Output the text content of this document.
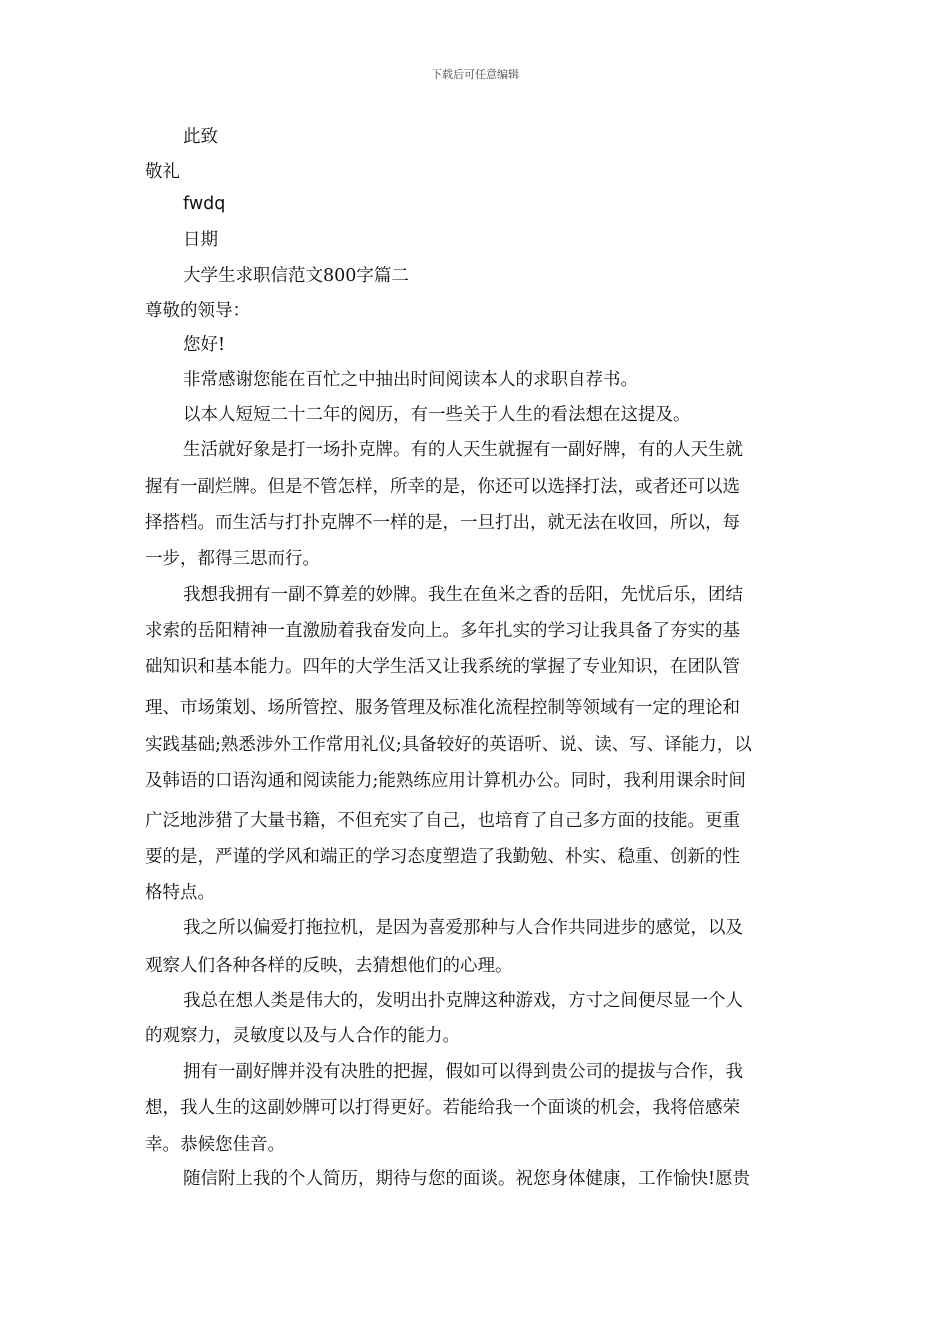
下载后可任意编辑
此致
敬礼
fwdq
日期
大学生求职信范文800字篇二
尊敬的领导：
您好!
非常感谢您能在百忙之中抽出时间阅读本人的求职自荐书。
以本人短短二十二年的阅历，有一些关于人生的看法想在这提及。
生活就好象是打一场扑克牌。有的人天生就握有一副好牌，有的人天生就
握有一副烂牌。但是不管怎样，所幸的是，你还可以选择打法，或者还可以选
择搭档。而生活与打扑克牌不一样的是，一旦打出，就无法在收回，所以，每
一步，都得三思而行。
我想我拥有一副不算差的妙牌。我生在鱼米之香的岳阳，先忧后乐，团结
求索的岳阳精神一直激励着我奋发向上。多年扎实的学习让我具备了夯实的基
础知识和基本能力。四年的大学生活又让我系统的掌握了专业知识，在团队管
理、市场策划、场所管控、服务管理及标准化流程控制等领域有一定的理论和
实践基础;熟悉涉外工作常用礼仪;具备较好的英语听、说、读、写、译能力，以
及韩语的口语沟通和阅读能力;能熟练应用计算机办公。同时，我利用课余时间
广泛地涉猎了大量书籍，不但充实了自己，也培育了自己多方面的技能。更重
要的是，严谨的学风和端正的学习态度塑造了我勤勉、朴实、稳重、创新的性
格特点。
我之所以偏爱打拖拉机，是因为喜爱那种与人合作共同进步的感觉，以及
观察人们各种各样的反映，去猜想他们的心理。
我总在想人类是伟大的，发明出扑克牌这种游戏，方寸之间便尽显一个人
的观察力，灵敏度以及与人合作的能力。
拥有一副好牌并没有决胜的把握，假如可以得到贵公司的提拔与合作，我
想，我人生的这副妙牌可以打得更好。若能给我一个面谈的机会，我将倍感荣
幸。恭候您佳音。
随信附上我的个人简历，期待与您的面谈。祝您身体健康，工作愉快!愿贵
